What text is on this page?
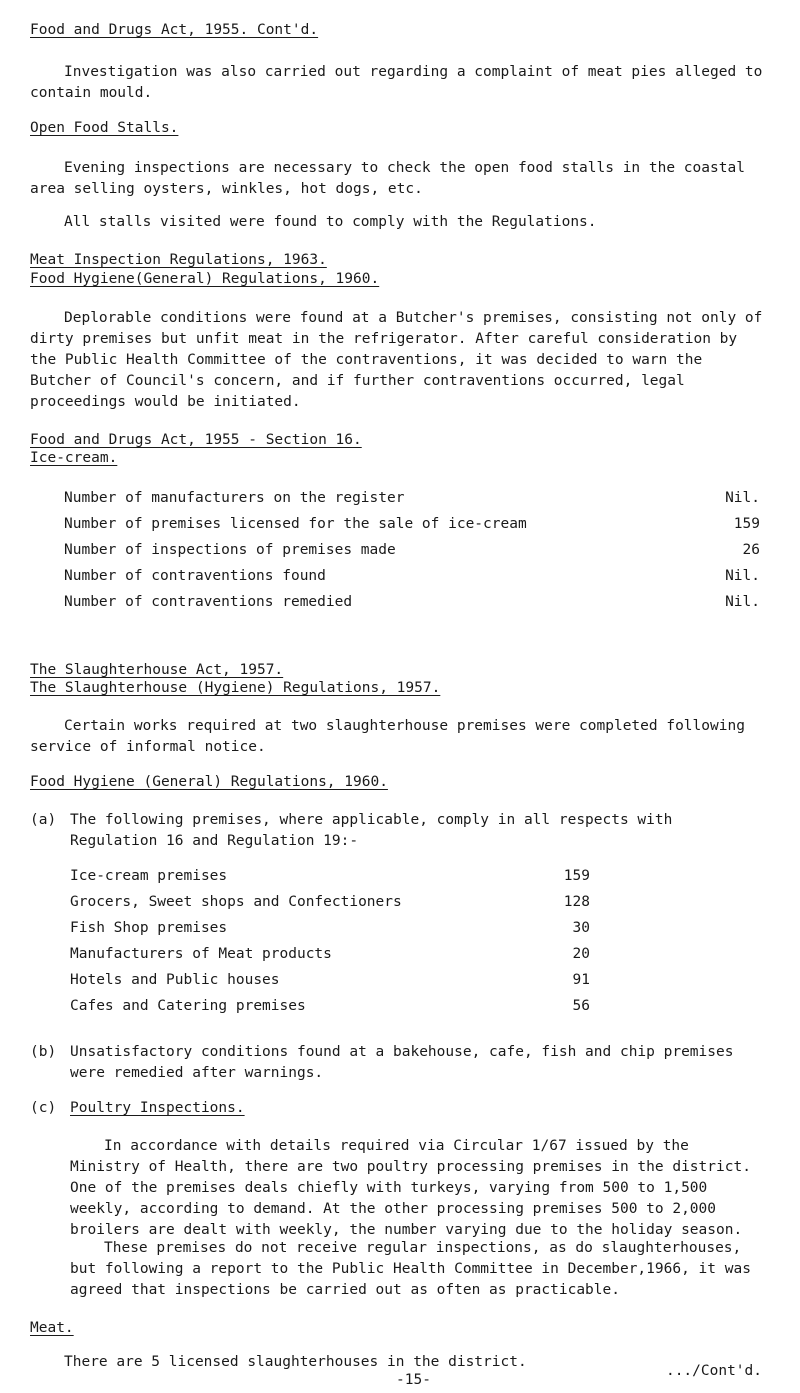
Food and Drugs Act, 1955. Cont'd.
Investigation was also carried out regarding a complaint of meat pies alleged to contain mould.
Open Food Stalls.
Evening inspections are necessary to check the open food stalls in the coastal area selling oysters, winkles, hot dogs, etc.
All stalls visited were found to comply with the Regulations.
Meat Inspection Regulations, 1963.
Food Hygiene(General) Regulations, 1960.
Deplorable conditions were found at a Butcher's premises, consisting not only of dirty premises but unfit meat in the refrigerator. After careful consideration by the Public Health Committee of the contraventions, it was decided to warn the Butcher of Council's concern, and if further contraventions occurred, legal proceedings would be initiated.
Food and Drugs Act, 1955 - Section 16.
Ice-cream.
Number of manufacturers on the register	Nil.
Number of premises licensed for the sale of ice-cream	159
Number of inspections of premises made	26
Number of contraventions found	Nil.
Number of contraventions remedied	Nil.
The Slaughterhouse Act, 1957.
The Slaughterhouse (Hygiene) Regulations, 1957.
Certain works required at two slaughterhouse premises were completed following service of informal notice.
Food Hygiene (General) Regulations, 1960.
(a) The following premises, where applicable, comply in all respects with Regulation 16 and Regulation 19:-
Ice-cream premises	159
Grocers, Sweet shops and Confectioners	128
Fish Shop premises	30
Manufacturers of Meat products	20
Hotels and Public houses	91
Cafes and Catering premises	56
(b) Unsatisfactory conditions found at a bakehouse, cafe, fish and chip premises were remedied after warnings.
(c) Poultry Inspections.
In accordance with details required via Circular 1/67 issued by the Ministry of Health, there are two poultry processing premises in the district. One of the premises deals chiefly with turkeys, varying from 500 to 1,500 weekly, according to demand. At the other processing premises 500 to 2,000 broilers are dealt with weekly, the number varying due to the holiday season.
These premises do not receive regular inspections, as do slaughterhouses, but following a report to the Public Health Committee in December,1966, it was agreed that inspections be carried out as often as practicable.
Meat.
There are 5 licensed slaughterhouses in the district.
-15-
.../Cont'd.
